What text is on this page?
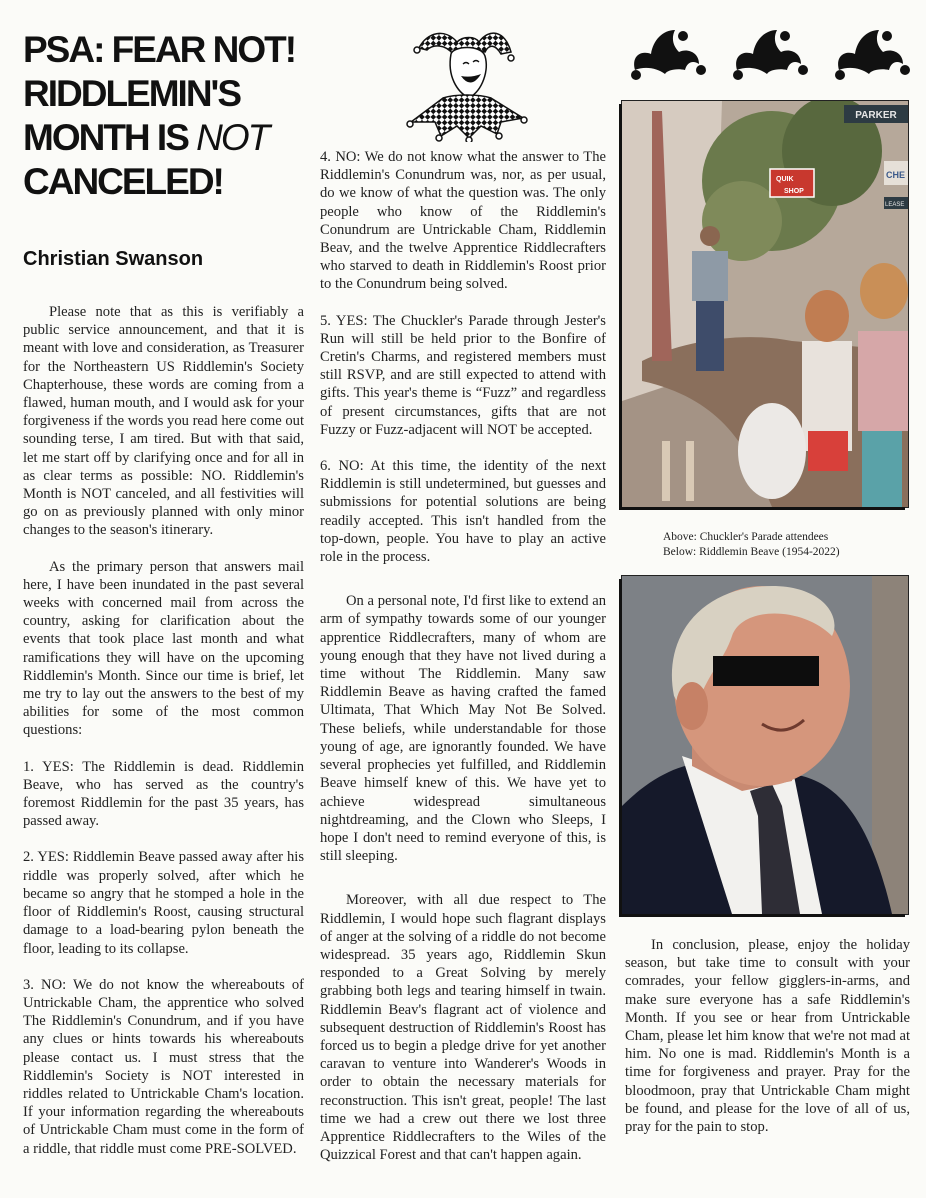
PSA: FEAR NOT!
RIDDLEMIN'S
MONTH IS NOT
CANCELED!
Christian Swanson

Please note that as this is verifiably a public service announcement, and that it is meant with love and consideration, as Treasurer for the Northeastern US Riddlemin's Society Chapterhouse, these words are coming from a flawed, human mouth, and I would ask for your forgiveness if the words you read here come out sounding terse, I am tired. But with that said, let me start off by clarifying once and for all in as clear terms as possible: NO. Riddlemin's Month is NOT canceled, and all festivities will go on as previously planned with only minor changes to the season's itinerary.

As the primary person that answers mail here, I have been inundated in the past several weeks with concerned mail from across the country, asking for clarification about the events that took place last month and what ramifications they will have on the upcoming Riddlemin's Month. Since our time is brief, let me try to lay out the answers to the best of my abilities for some of the most common questions:

1. YES: The Riddlemin is dead. Riddlemin Beave, who has served as the country's foremost Riddlemin for the past 35 years, has passed away.

2. YES: Riddlemin Beave passed away after his riddle was properly solved, after which he became so angry that he stomped a hole in the floor of Riddlemin's Roost, causing structural damage to a load-bearing pylon beneath the floor, leading to its collapse.

3. NO: We do not know the whereabouts of Untrickable Cham, the apprentice who solved The Riddlemin's Conundrum, and if you have any clues or hints towards his whereabouts please contact us. I must stress that the Riddlemin's Society is NOT interested in riddles related to Untrickable Cham's location. If your information regarding the whereabouts of Untrickable Cham must come in the form of a riddle, that riddle must come PRE-SOLVED.

4. NO: We do not know what the answer to The Riddlemin's Conundrum was, nor, as per usual, do we know of what the question was. The only people who know of the Riddlemin's Conundrum are Untrickable Cham, Riddlemin Beav, and the twelve Apprentice Riddlecrafters who starved to death in Riddlemin's Roost prior to the Conundrum being solved.

5. YES: The Chuckler's Parade through Jester's Run will still be held prior to the Bonfire of Cretin's Charms, and registered members must still RSVP, and are still expected to attend with gifts. This year's theme is “Fuzz” and regardless of present circumstances, gifts that are not Fuzzy or Fuzz-adjacent will NOT be accepted.

6. NO: At this time, the identity of the next Riddlemin is still undetermined, but guesses and submissions for potential solutions are being readily accepted. This isn't handled from the top-down, people. You have to play an active role in the process.

On a personal note, I'd first like to extend an arm of sympathy towards some of our younger apprentice Riddlecrafters, many of whom are young enough that they have not lived during a time without The Riddlemin. Many saw Riddlemin Beave as having crafted the famed Ultimata, That Which May Not Be Solved. These beliefs, while understandable for those young of age, are ignorantly founded. We have several prophecies yet fulfilled, and Riddlemin Beave himself knew of this. We have yet to achieve widespread simultaneous nightdreaming, and the Clown who Sleeps, I hope I don't need to remind everyone of this, is still sleeping.

Moreover, with all due respect to The Riddlemin, I would hope such flagrant displays of anger at the solving of a riddle do not become widespread. 35 years ago, Riddlemin Skun responded to a Great Solving by merely grabbing both legs and tearing himself in twain. Riddlemin Beav's flagrant act of violence and subsequent destruction of Riddlemin's Roost has forced us to begin a pledge drive for yet another caravan to venture into Wanderer's Woods in order to obtain the necessary materials for reconstruction. This isn't great, people! The last time we had a crew out there we lost three Apprentice Riddlecrafters to the Wiles of the Quizzical Forest and that can't happen again.

PARKER
QUIK
SHOP
CHE
LEASE
Above: Chuckler's Parade attendees
Below: Riddlemin Beave (1954-2022)

In conclusion, please, enjoy the holiday season, but take time to consult with your comrades, your fellow gigglers-in-arms, and make sure everyone has a safe Riddlemin's Month. If you see or hear from Untrickable Cham, please let him know that we're not mad at him. No one is mad. Riddlemin's Month is a time for forgiveness and prayer. Pray for the bloodmoon, pray that Untrickable Cham might be found, and please for the love of all of us, pray for the pain to stop.
